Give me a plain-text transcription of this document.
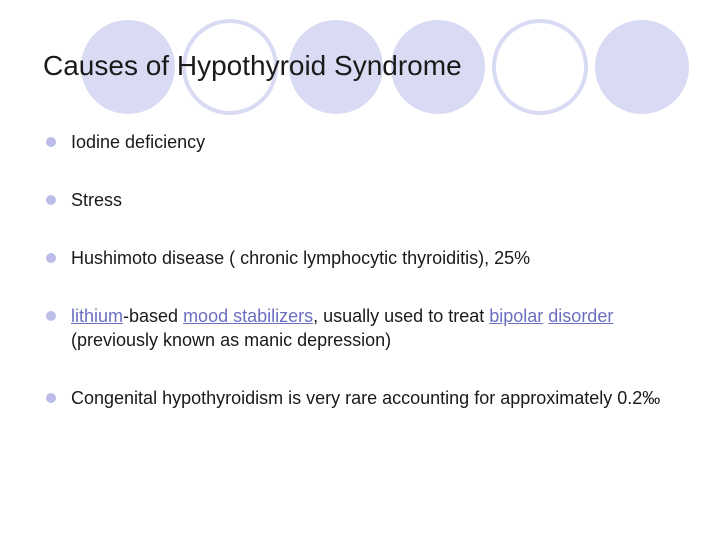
Causes of Hypothyroid Syndrome
Iodine deficiency
Stress
Hushimoto disease ( chronic lymphocytic thyroiditis), 25%
lithium-based mood stabilizers, usually used to treat bipolar disorder (previously known as manic depression)
Congenital hypothyroidism is very rare accounting for approximately 0.2‰
